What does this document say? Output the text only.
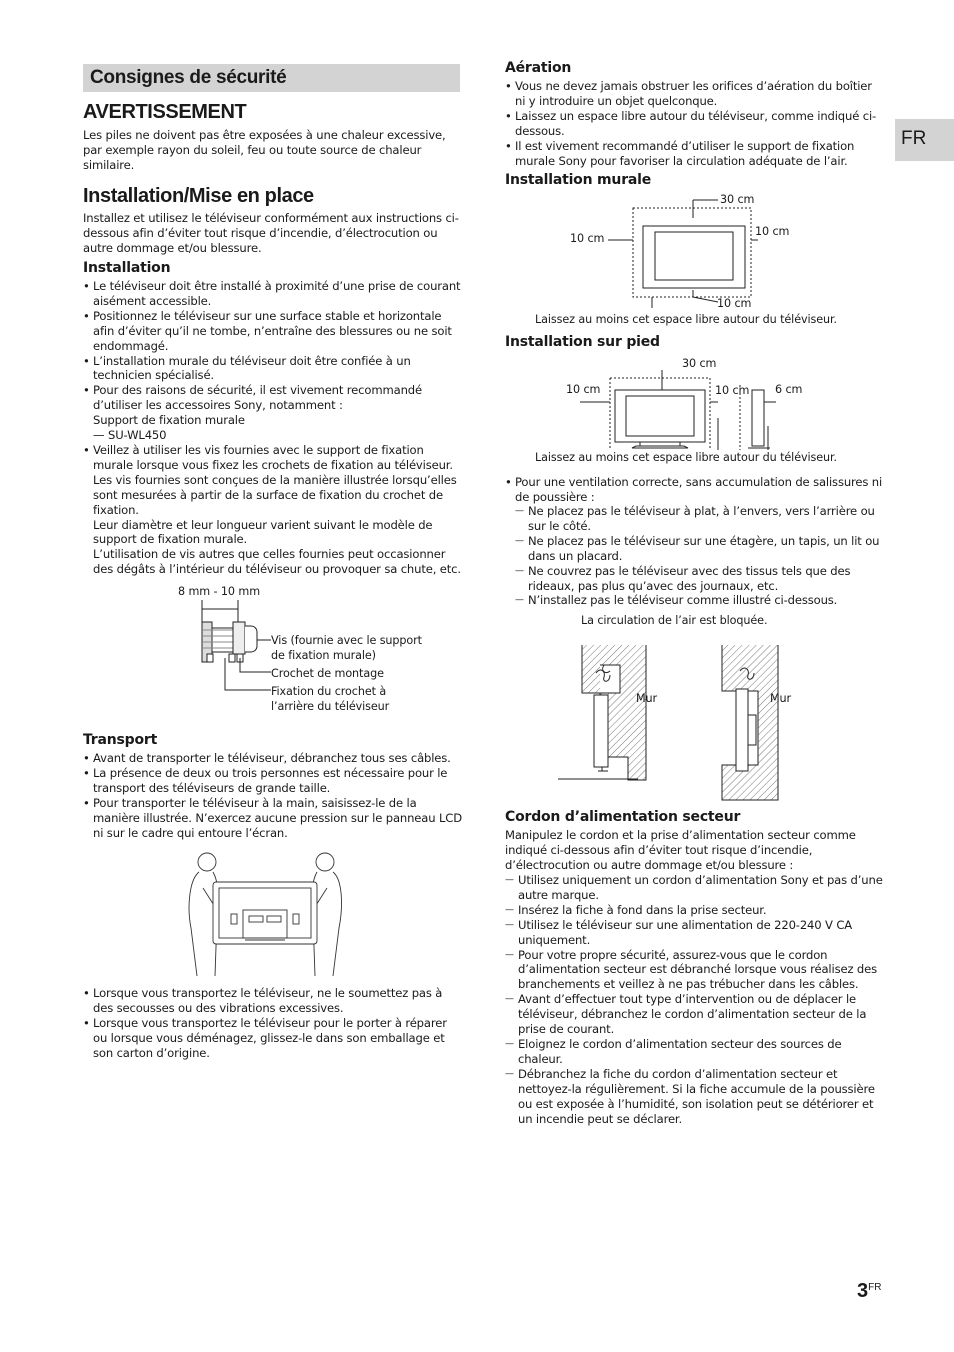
FR
Consignes de sécurité
AVERTISSEMENT
Les piles ne doivent pas être exposées à une chaleur excessive, par exemple rayon du soleil, feu ou toute source de chaleur similaire.
Installation/Mise en place
Installez et utilisez le téléviseur conformément aux instructions ci-dessous afin d’éviter tout risque d’incendie, d’électrocution ou autre dommage et/ou blessure.
Installation
• Le téléviseur doit être installé à proximité d’une prise de courant aisément accessible.
• Positionnez le téléviseur sur une surface stable et horizontale afin d’éviter qu’il ne tombe, n’entraîne des blessures ou ne soit endommagé.
• L’installation murale du téléviseur doit être confiée à un technicien spécialisé.
• Pour des raisons de sécurité, il est vivement recommandé d’utiliser les accessoires Sony, notamment :
Support de fixation murale
— SU-WL450
• Veillez à utiliser les vis fournies avec le support de fixation murale lorsque vous fixez les crochets de fixation au téléviseur. Les vis fournies sont conçues de la manière illustrée lorsqu’elles sont mesurées à partir de la surface de fixation du crochet de fixation.
Leur diamètre et leur longueur varient suivant le modèle de support de fixation murale.
L’utilisation de vis autres que celles fournies peut occasionner des dégâts à l’intérieur du téléviseur ou provoquer sa chute, etc.
8 mm - 10 mm
Vis (fournie avec le support
de fixation murale)
Crochet de montage
Fixation du crochet à
l’arrière du téléviseur
Transport
• Avant de transporter le téléviseur, débranchez tous ses câbles.
• La présence de deux ou trois personnes est nécessaire pour le transport des téléviseurs de grande taille.
• Pour transporter le téléviseur à la main, saisissez-le de la manière illustrée. N’exercez aucune pression sur le panneau LCD ni sur le cadre qui entoure l’écran.
• Lorsque vous transportez le téléviseur, ne le soumettez pas à des secousses ou des vibrations excessives.
• Lorsque vous transportez le téléviseur pour le porter à réparer ou lorsque vous déménagez, glissez-le dans son emballage et son carton d’origine.
Aération
• Vous ne devez jamais obstruer les orifices d’aération du boîtier ni y introduire un objet quelconque.
• Laissez un espace libre autour du téléviseur, comme indiqué ci-dessous.
• Il est vivement recommandé d’utiliser le support de fixation murale Sony pour favoriser la circulation adéquate de l’air.
Installation murale
30 cm
10 cm
10 cm
10 cm
Laissez au moins cet espace libre autour du téléviseur.
Installation sur pied
30 cm
10 cm	10 cm 6 cm
Laissez au moins cet espace libre autour du téléviseur.
• Pour une ventilation correcte, sans accumulation de salissures ni de poussière :
— Ne placez pas le téléviseur à plat, à l’envers, vers l’arrière ou sur le côté.
— Ne placez pas le téléviseur sur une étagère, un tapis, un lit ou dans un placard.
— Ne couvrez pas le téléviseur avec des tissus tels que des rideaux, pas plus qu’avec des journaux, etc.
— N’installez pas le téléviseur comme illustré ci-dessous.
La circulation de l’air est bloquée.
Mur	Mur
Cordon d’alimentation secteur
Manipulez le cordon et la prise d’alimentation secteur comme indiqué ci-dessous afin d’éviter tout risque d’incendie, d’électrocution ou autre dommage et/ou blessure :
— Utilisez uniquement un cordon d’alimentation Sony et pas d’une autre marque.
— Insérez la fiche à fond dans la prise secteur.
— Utilisez le téléviseur sur une alimentation de 220-240 V CA uniquement.
— Pour votre propre sécurité, assurez-vous que le cordon d’alimentation secteur est débranché lorsque vous réalisez des branchements et veillez à ne pas trébucher dans les câbles.
— Avant d’effectuer tout type d’intervention ou de déplacer le téléviseur, débranchez le cordon d’alimentation secteur de la prise de courant.
— Eloignez le cordon d’alimentation secteur des sources de chaleur.
— Débranchez la fiche du cordon d’alimentation secteur et nettoyez-la régulièrement. Si la fiche accumule de la poussière ou est exposée à l’humidité, son isolation peut se détériorer et un incendie peut se déclarer.
$3^{FR}$
